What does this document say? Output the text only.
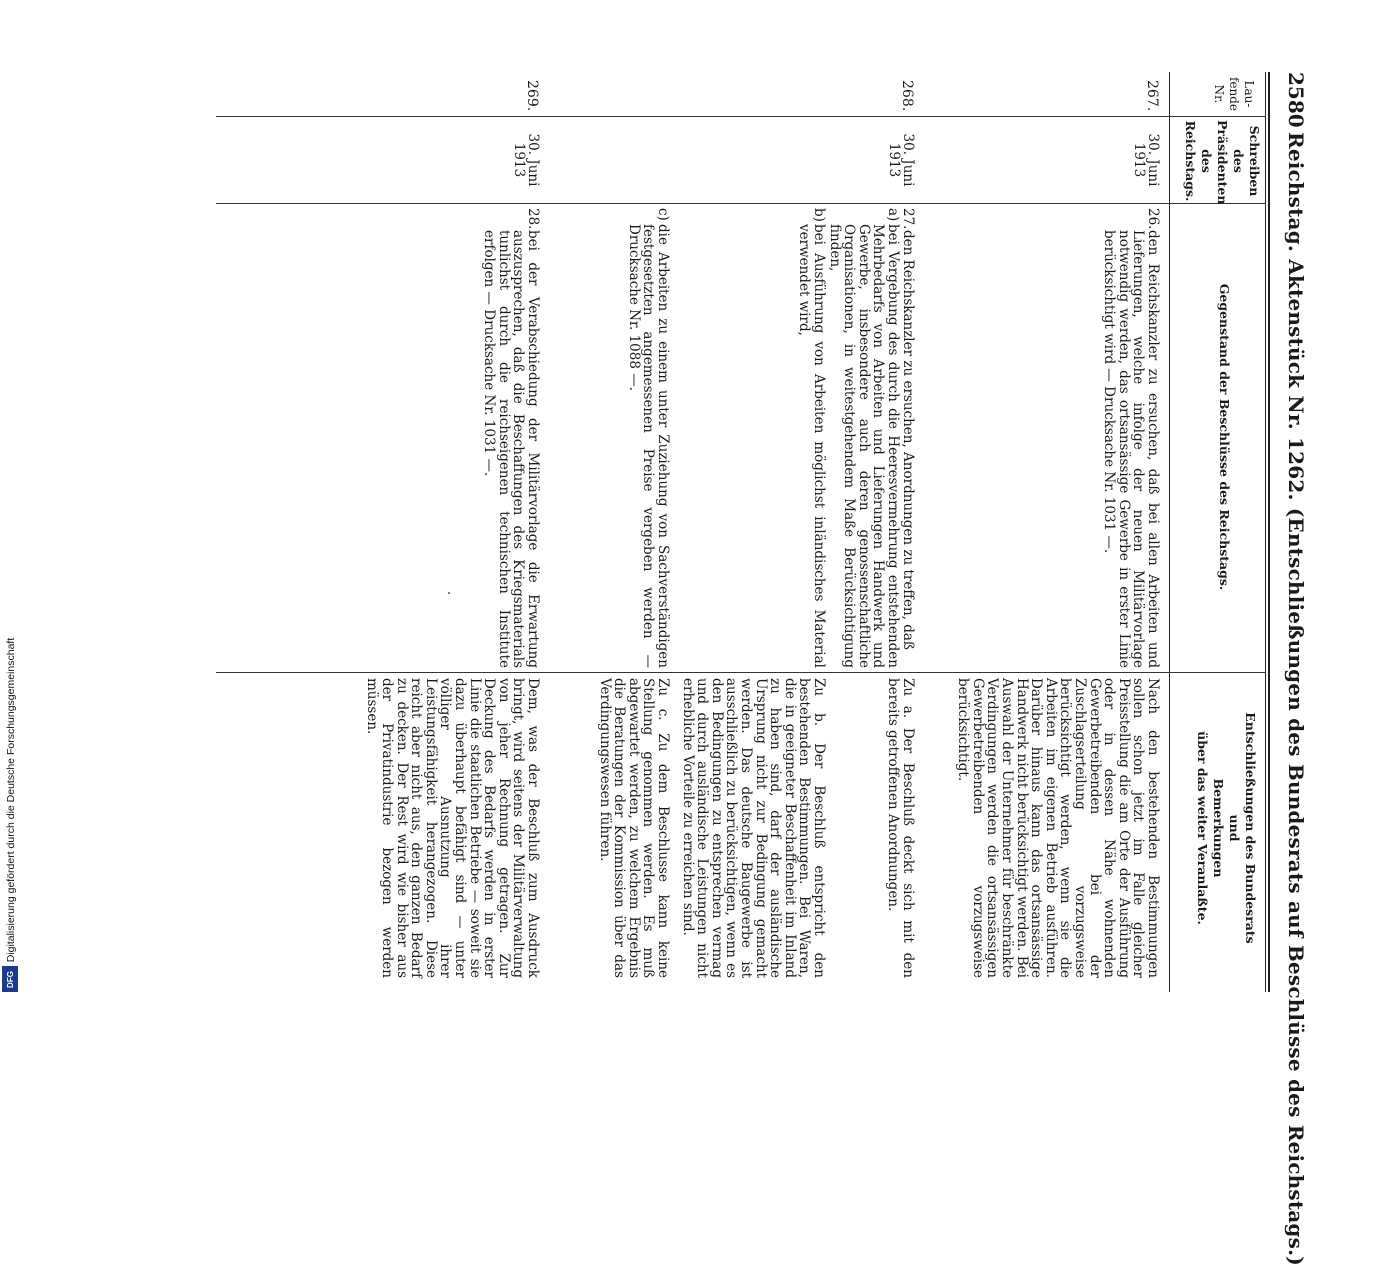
Digitalisierung gefördert durch die Deutsche Forschungsgemeinschaft
DFG
2580
Reichstag. Aktenstück Nr. 1262. (Entschließungen des Bundesrats auf Beschlüsse des Reichstags.)
Lau-
fende
Nr.
Schreiben
des
Präsidenten
des
Reichstags.
Gegenstand der Beschlüsse des Reichstags.
Entschließungen des Bundesrats
und
Bemerkungen
über das weiter Veranlaßte.
267.
30. Juni
1913
26.
den Reichskanzler zu ersuchen, daß bei allen Arbeiten und Lieferungen, welche infolge der neuen Militärvorlage notwendig werden, das ortsansässige Gewerbe in erster Linie berücksichtigt wird — Drucksache Nr. 1031 —.
Nach den bestehenden Bestimmungen sollen schon jetzt im Falle gleicher Preisstellung die am Orte der Ausführung oder in dessen Nähe wohnenden Gewerbetreibenden bei der Zuschlagserteilung vorzugsweise berücksichtigt werden, wenn sie die Arbeiten im eigenen Betrieb ausführen. Darüber hinaus kann das ortsansässige Handwerk nicht berücksichtigt werden. Bei Auswahl der Unternehmer für beschränkte Verdingungen werden die ortsansässigen Gewerbetreibenden vorzugsweise berücksichtigt.
268.
30. Juni
1913
27.
den Reichskanzler zu ersuchen, Anordnungen zu treffen, daß
a)
bei Vergebung des durch die Heeresvermehrung entstehenden Mehrbedarfs von Arbeiten und Lieferungen Handwerk und Gewerbe, insbesondere auch deren genossenschaftliche Organisationen, in weitestgehendem Maße Berücksichtigung finden,
b)
bei Ausführung von Arbeiten möglichst inländisches Material verwendet wird,
c)
die Arbeiten zu einem unter Zuziehung von Sachverständigen festgesetzten angemessenen Preise vergeben werden — Drucksache Nr. 1088 —.
Zu a. Der Beschluß deckt sich mit den bereits getroffenen Anordnungen.
Zu b. Der Beschluß entspricht den bestehenden Bestimmungen. Bei Waren, die in geeigneter Beschaffenheit im Inland zu haben sind, darf der ausländische Ursprung nicht zur Bedingung gemacht werden. Das deutsche Baugewerbe ist ausschließlich zu berücksichtigen, wenn es den Bedingungen zu entsprechen vermag und durch ausländische Leistungen nicht erhebliche Vorteile zu erreichen sind.
Zu c. Zu dem Beschlusse kann keine Stellung genommen werden. Es muß abgewartet werden, zu welchem Ergebnis die Beratungen der Kommission über das Verdingungswesen führen.
269.
30. Juni
1913
28.
bei der Verabschiedung der Militärvorlage die Erwartung auszusprechen, daß die Beschaffungen des Kriegsmaterials tunlichst durch die reichseigenen technischen Institute erfolgen — Drucksache Nr. 1031 —.
Dem, was der Beschluß zum Ausdruck bringt, wird seitens der Militärverwaltung von jeher Rechnung getragen. Zur Deckung des Bedarfs werden in erster Linie die staatlichen Betriebe — soweit sie dazu überhaupt befähigt sind — unter völliger Ausnutzung ihrer Leistungsfähigkeit herangezogen. Diese reicht aber nicht aus, den ganzen Bedarf zu decken. Der Rest wird wie bisher aus der Privatindustrie bezogen werden müssen.
